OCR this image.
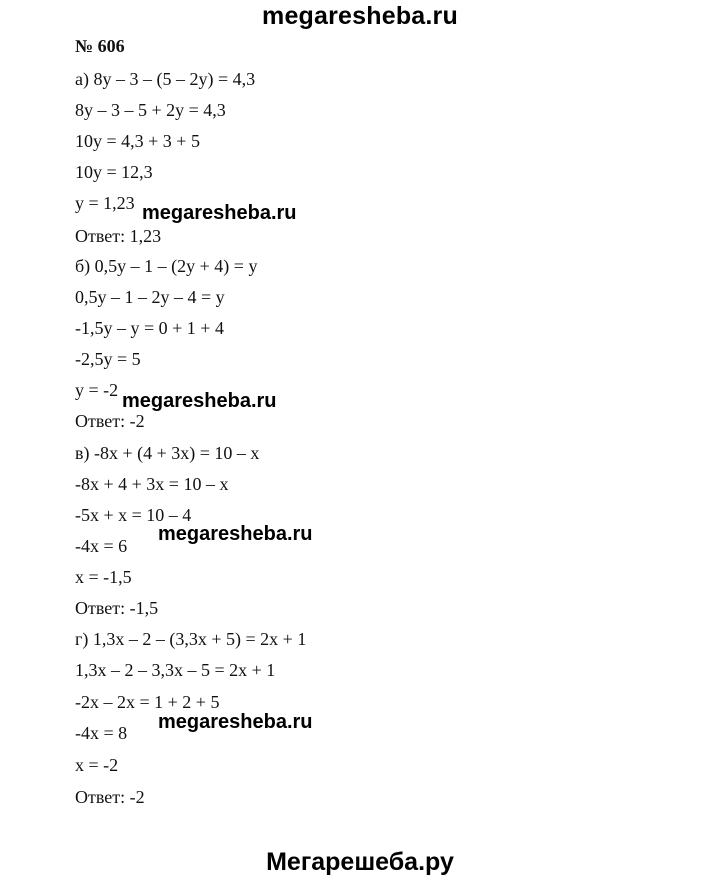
megaresheba.ru
№ 606
а) 8y – 3 – (5 – 2y) = 4,3
8y – 3 – 5 + 2y = 4,3
10y = 4,3 + 3 + 5
10y = 12,3
y = 1,23
Ответ: 1,23
б) 0,5y – 1 – (2y + 4) = y
0,5y – 1 – 2y – 4 = y
-1,5y – y = 0 + 1 + 4
-2,5y = 5
y = -2
Ответ: -2
в) -8x + (4 + 3x) = 10 – x
-8x + 4 + 3x = 10 – x
-5x + x = 10 – 4
-4x = 6
x = -1,5
Ответ: -1,5
г) 1,3x – 2 – (3,3x + 5) = 2x + 1
1,3x – 2 – 3,3x – 5 = 2x + 1
-2x – 2x = 1 + 2 + 5
-4x = 8
x = -2
Ответ: -2
megaresheba.ru
megaresheba.ru
megaresheba.ru
megaresheba.ru
Мегарешеба.ру
